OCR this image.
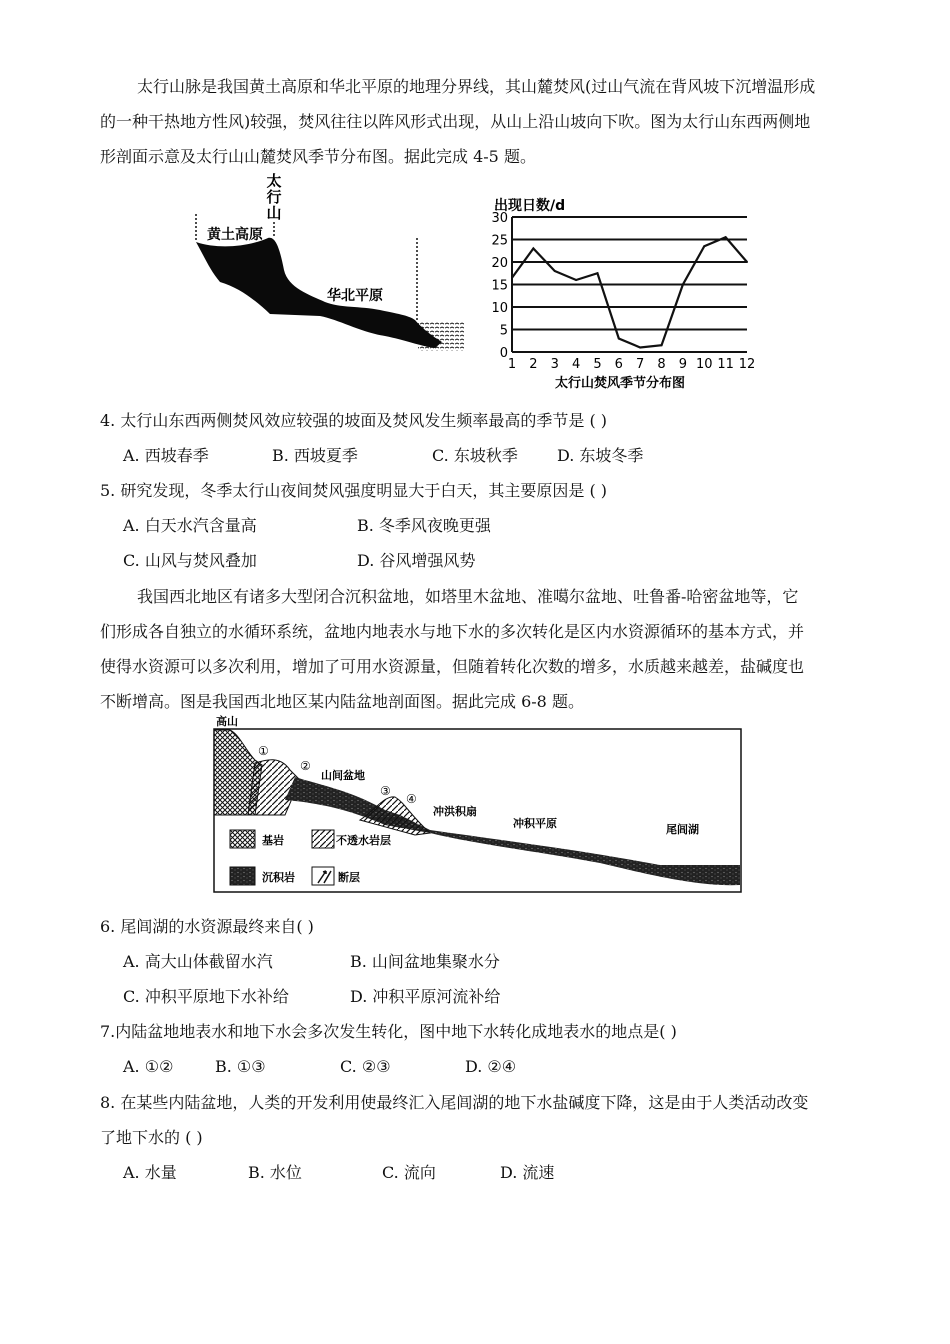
太行山脉是我国黄土高原和华北平原的地理分界线，其山麓焚风(过山气流在背风坡下沉增温形成
的一种干热地方性风)较强，焚风往往以阵风形式出现，从山上沿山坡向下吹。图为太行山东西两侧地
形剖面示意及太行山山麓焚风季节分布图。据此完成 4-5 题。
太
行
山
黄土高原
华北平原
出现日数/d
0
5
10
15
20
25
30
1 2 3 4 5 6 7 8 9 10 11 12
太行山焚风季节分布图
4. 太行山东西两侧焚风效应较强的坡面及焚风发生频率最高的季节是 ( )
A. 西坡春季	B. 西坡夏季	C. 东坡秋季 D. 东坡冬季
5. 研究发现，冬季太行山夜间焚风强度明显大于白天，其主要原因是 ( )
A. 白天水汽含量高	B. 冬季风夜晚更强
C. 山风与焚风叠加	D. 谷风增强风势
我国西北地区有诸多大型闭合沉积盆地，如塔里木盆地、准噶尔盆地、吐鲁番-哈密盆地等，它
们形成各自独立的水循环系统，盆地内地表水与地下水的多次转化是区内水资源循环的基本方式，并
使得水资源可以多次利用，增加了可用水资源量，但随着转化次数的增多，水质越来越差，盐碱度也
不断增高。图是我国西北地区某内陆盆地剖面图。据此完成 6-8 题。
高山
①
②
山间盆地
③
④
冲洪积扇
冲积平原	尾闾湖
基岩	不透水岩层
沉积岩	断层
6. 尾闾湖的水资源最终来自( )
A. 高大山体截留水汽	B. 山间盆地集聚水分
C. 冲积平原地下水补给	D. 冲积平原河流补给
7.内陆盆地地表水和地下水会多次发生转化，图中地下水转化成地表水的地点是( )
A. ①②	B. ①③	C. ②③	D. ②④
8. 在某些内陆盆地，人类的开发利用使最终汇入尾闾湖的地下水盐碱度下降，这是由于人类活动改变
了地下水的 ( )
A. 水量	B. 水位	C. 流向	D. 流速
